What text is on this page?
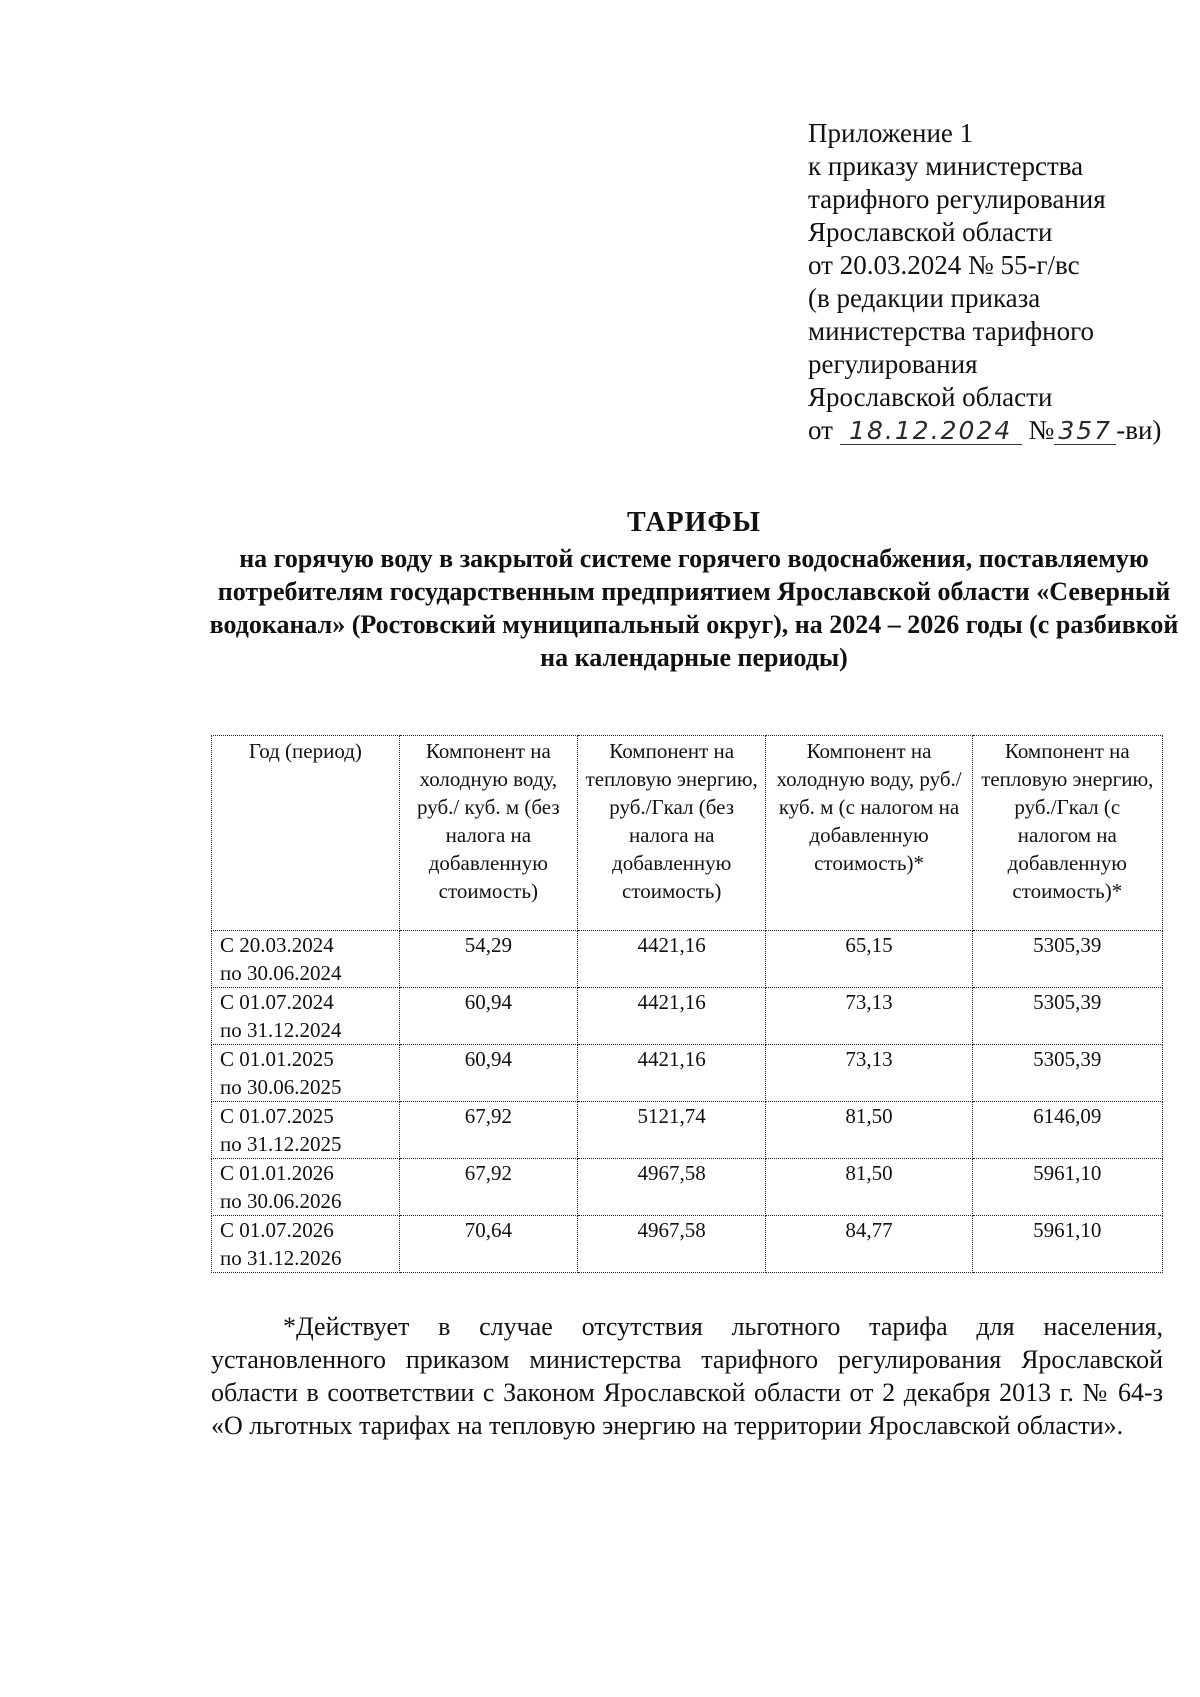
Приложение 1
к приказу министерства
тарифного регулирования
Ярославской области
от 20.03.2024 № 55-г/вс
(в редакции приказа
министерства тарифного
регулирования
Ярославской области
от 18.12.2024 № 357 -ви)
ТАРИФЫ
на горячую воду в закрытой системе горячего водоснабжения, поставляемую потребителям государственным предприятием Ярославской области «Северный водоканал» (Ростовский муниципальный округ), на 2024 – 2026 годы (с разбивкой на календарные периоды)
Год (период)	Компонент на холодную воду, руб./ куб. м (без налога на добавленную стоимость)	Компонент на тепловую энергию, руб./Гкал (без налога на добавленную стоимость)	Компонент на холодную воду, руб./ куб. м (с налогом на добавленную стоимость)*	Компонент на тепловую энергию, руб./Гкал (с налогом на добавленную стоимость)*
С 20.03.2024
по 30.06.2024	54,29	4421,16	65,15	5305,39
С 01.07.2024
по 31.12.2024	60,94	4421,16	73,13	5305,39
С 01.01.2025
по 30.06.2025	60,94	4421,16	73,13	5305,39
С 01.07.2025
по 31.12.2025	67,92	5121,74	81,50	6146,09
С 01.01.2026
по 30.06.2026	67,92	4967,58	81,50	5961,10
С 01.07.2026
по 31.12.2026	70,64	4967,58	84,77	5961,10
*Действует в случае отсутствия льготного тарифа для населения, установленного приказом министерства тарифного регулирования Ярославской области в соответствии с Законом Ярославской области от 2 декабря 2013 г. № 64-з «О льготных тарифах на тепловую энергию на территории Ярославской области».
